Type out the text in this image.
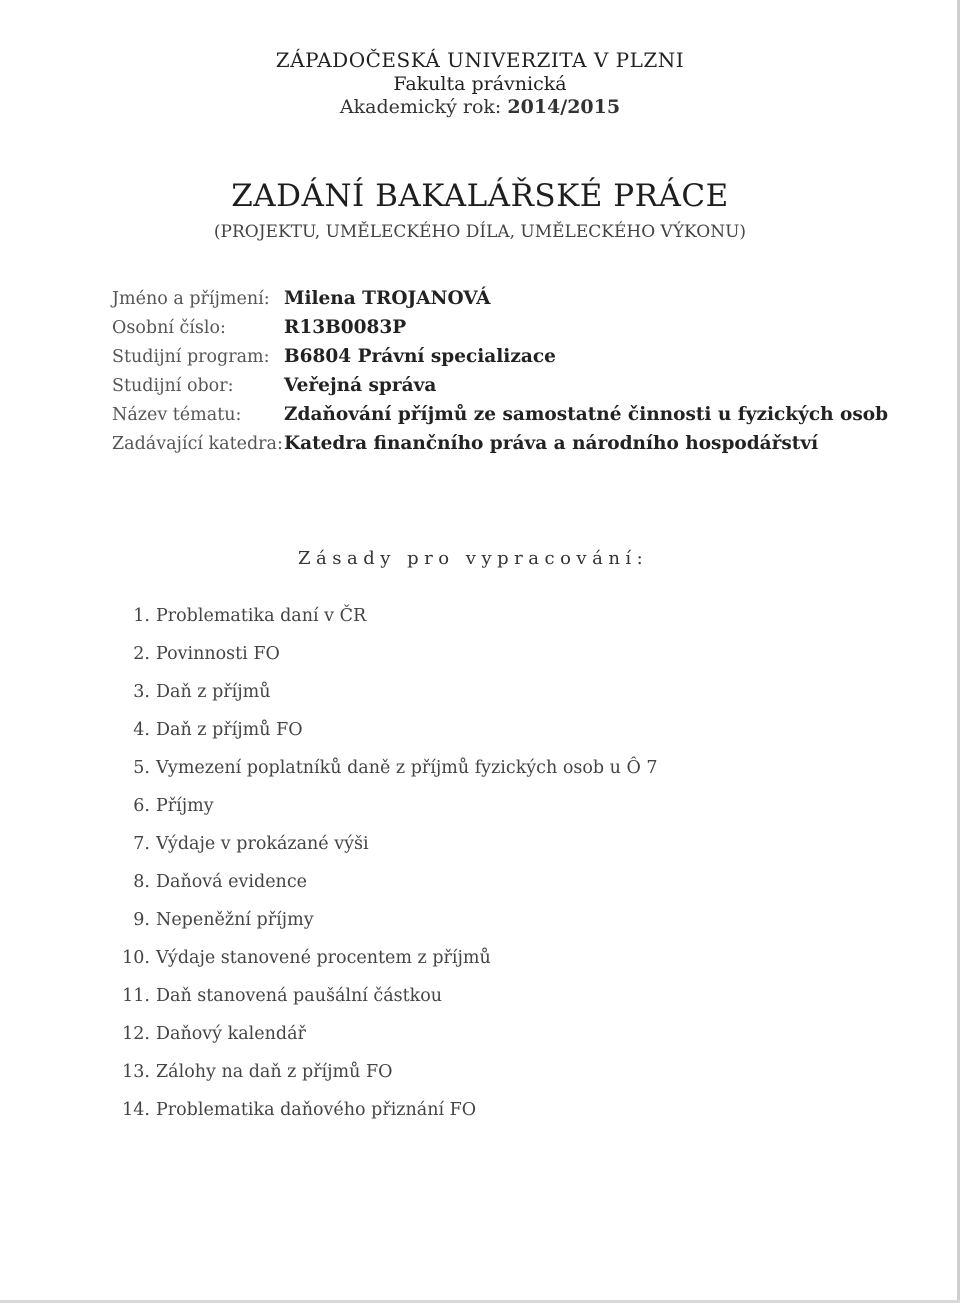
ZÁPADOČESKÁ UNIVERZITA V PLZNI
Fakulta právnická
Akademický rok: 2014/2015
ZADÁNÍ BAKALÁŘSKÉ PRÁCE
(PROJEKTU, UMĚLECKÉHO DÍLA, UMĚLECKÉHO VÝKONU)
Jméno a příjmení: Milena TROJANOVÁ
Osobní číslo:	R13B0083P
Studijní program: B6804 Právní specializace
Studijní obor:	Veřejná správa
Název tématu:	Zdaňování příjmů ze samostatné činnosti u fyzických osob
Zadávající katedra: Katedra finančního práva a národního hospodářství
Zásady pro vypracování:
1. Problematika daní v ČR
2. Povinnosti FO
3. Daň z příjmů
4. Daň z příjmů FO
5. Vymezení poplatníků daně z příjmů fyzických osob u Ô 7
6. Příjmy
7. Výdaje v prokázané výši
8. Daňová evidence
9. Nepeněžní příjmy
10. Výdaje stanovené procentem z příjmů
11. Daň stanovená paušální částkou
12. Daňový kalendář
13. Zálohy na daň z příjmů FO
14. Problematika daňového přiznání FO
